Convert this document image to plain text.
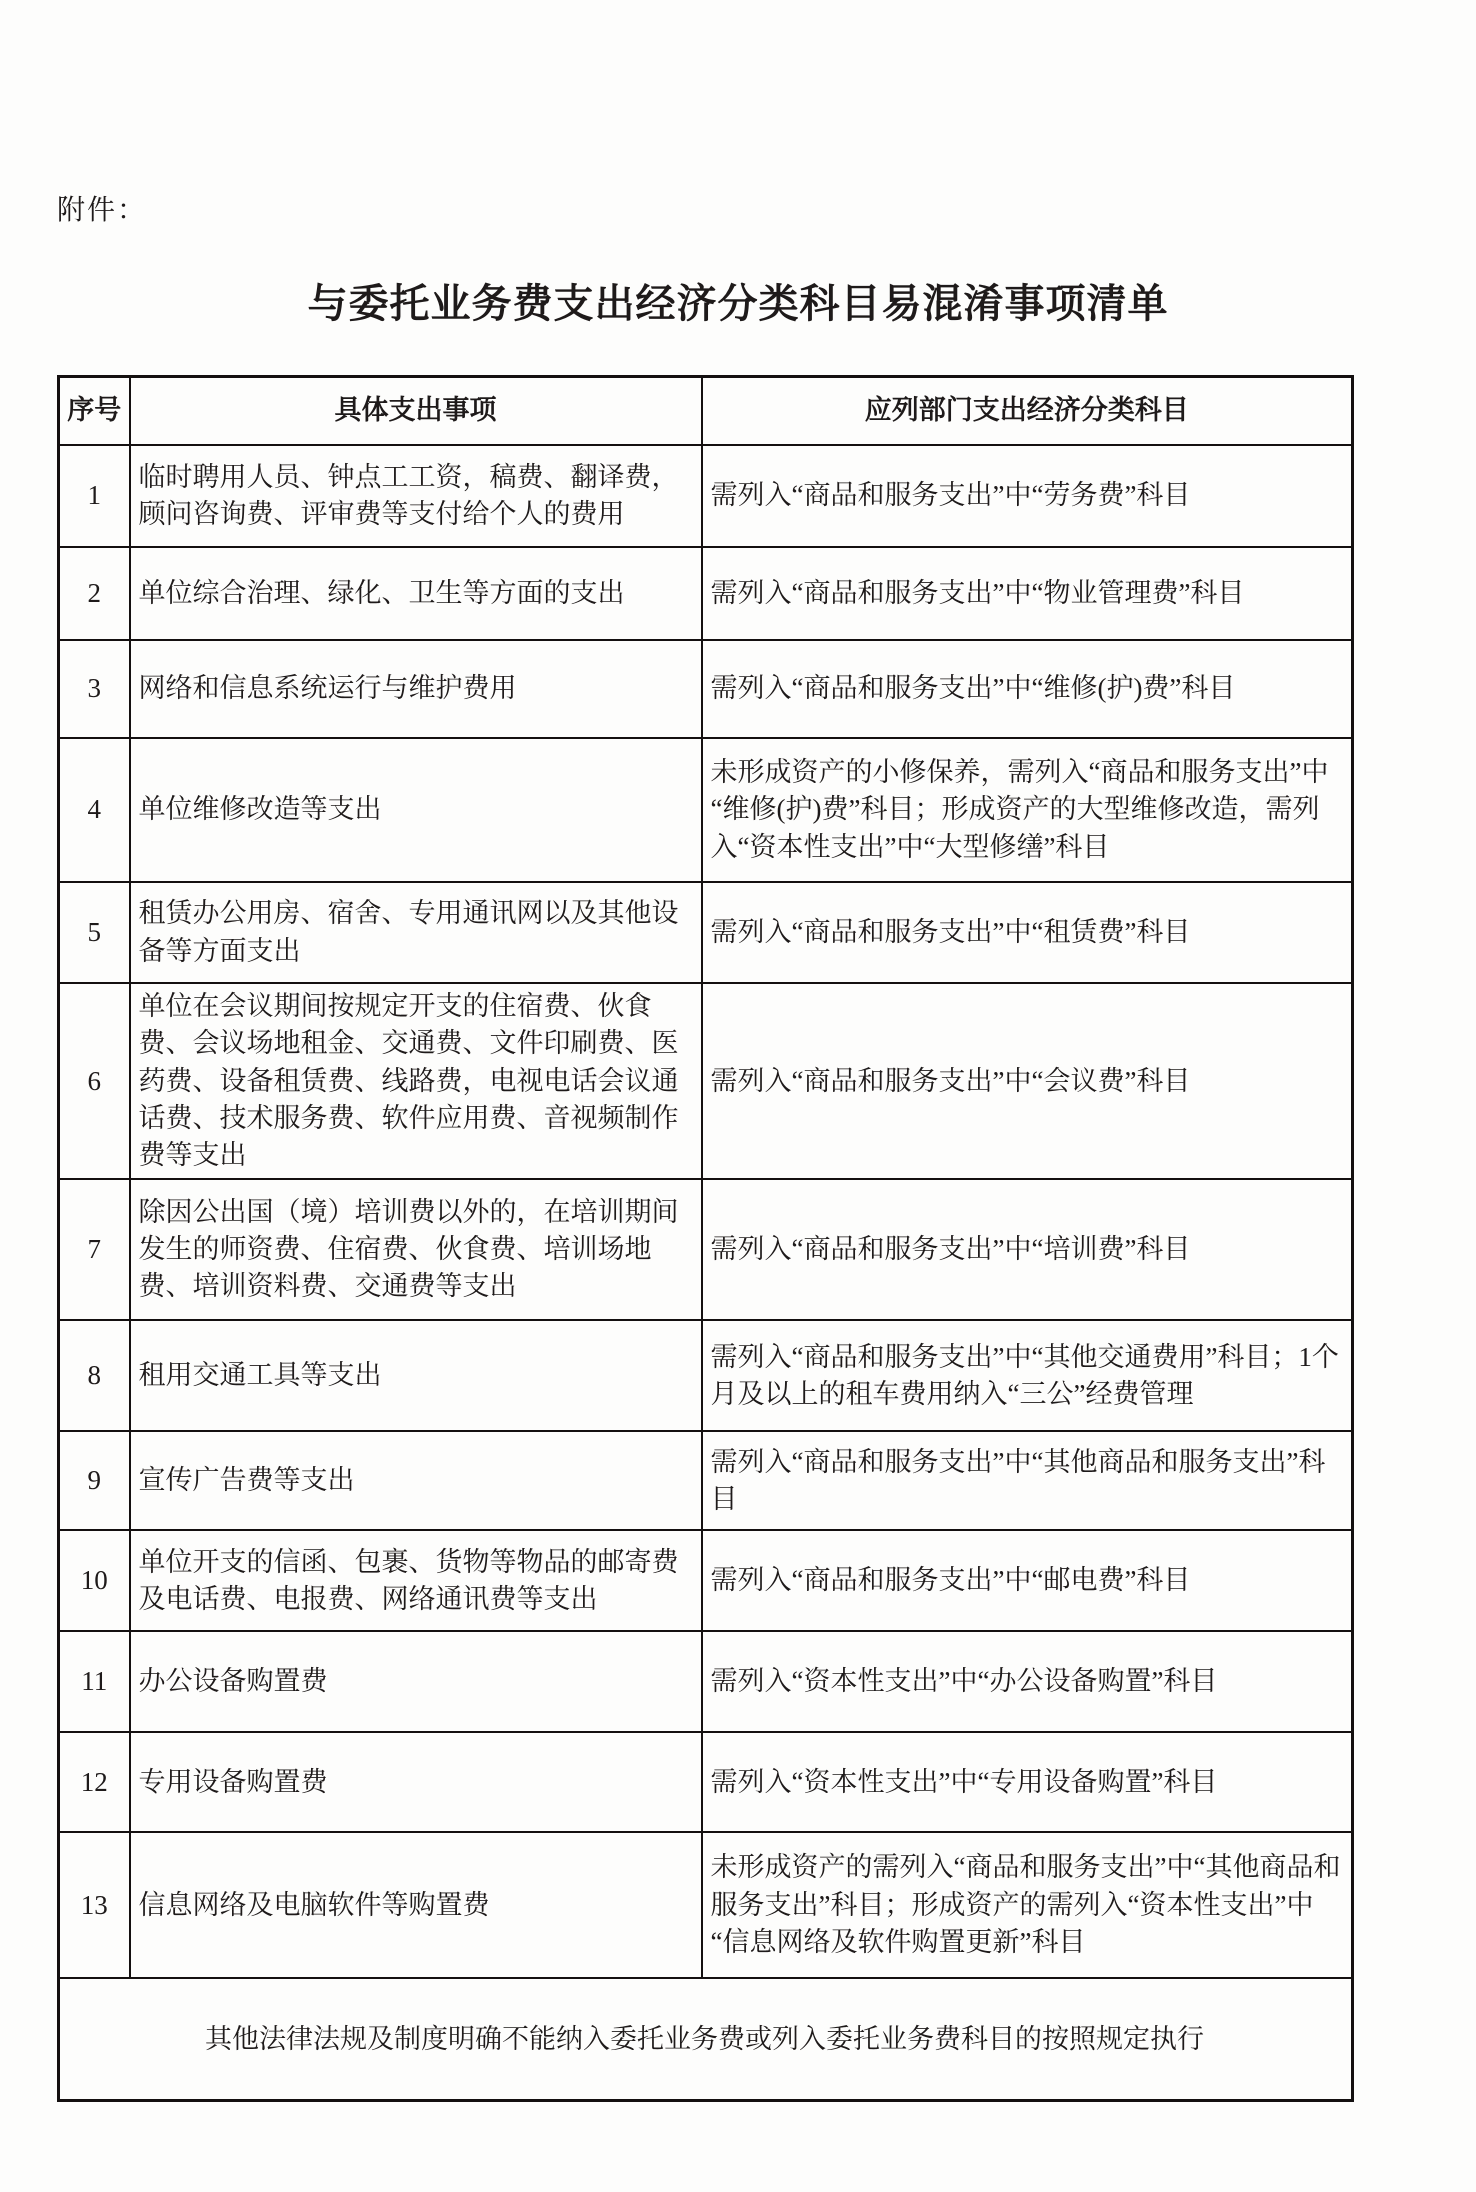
附件：
与委托业务费支出经济分类科目易混淆事项清单
序号	具体支出事项	应列部门支出经济分类科目
1	临时聘用人员、钟点工工资，稿费、翻译费，顾问咨询费、评审费等支付给个人的费用	需列入“商品和服务支出”中“劳务费”科目
2	单位综合治理、绿化、卫生等方面的支出	需列入“商品和服务支出”中“物业管理费”科目
3	网络和信息系统运行与维护费用	需列入“商品和服务支出”中“维修(护)费”科目
4	单位维修改造等支出	未形成资产的小修保养，需列入“商品和服务支出”中“维修(护)费”科目；形成资产的大型维修改造，需列入“资本性支出”中“大型修缮”科目
5	租赁办公用房、宿舍、专用通讯网以及其他设备等方面支出	需列入“商品和服务支出”中“租赁费”科目
6	单位在会议期间按规定开支的住宿费、伙食费、会议场地租金、交通费、文件印刷费、医药费、设备租赁费、线路费，电视电话会议通话费、技术服务费、软件应用费、音视频制作费等支出	需列入“商品和服务支出”中“会议费”科目
7	除因公出国（境）培训费以外的，在培训期间发生的师资费、住宿费、伙食费、培训场地费、培训资料费、交通费等支出	需列入“商品和服务支出”中“培训费”科目
8	租用交通工具等支出	需列入“商品和服务支出”中“其他交通费用”科目；1个月及以上的租车费用纳入“三公”经费管理
9	宣传广告费等支出	需列入“商品和服务支出”中“其他商品和服务支出”科目
10	单位开支的信函、包裹、货物等物品的邮寄费及电话费、电报费、网络通讯费等支出	需列入“商品和服务支出”中“邮电费”科目
11	办公设备购置费	需列入“资本性支出”中“办公设备购置”科目
12	专用设备购置费	需列入“资本性支出”中“专用设备购置”科目
13	信息网络及电脑软件等购置费	未形成资产的需列入“商品和服务支出”中“其他商品和服务支出”科目；形成资产的需列入“资本性支出”中“信息网络及软件购置更新”科目
其他法律法规及制度明确不能纳入委托业务费或列入委托业务费科目的按照规定执行		
